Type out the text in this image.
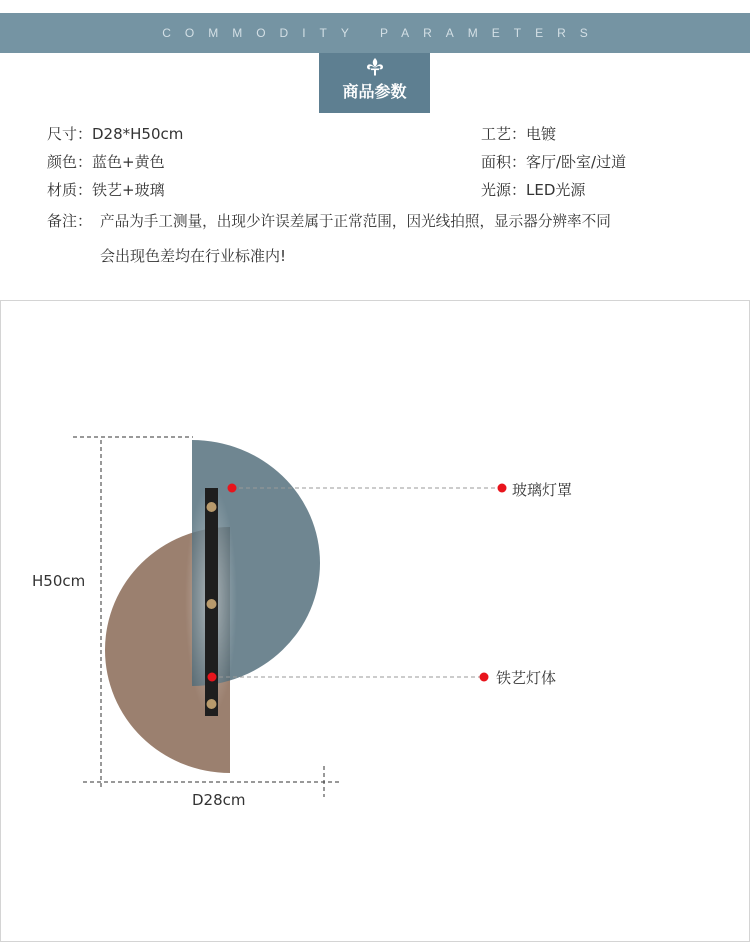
COMMODITY PARAMETERS
商品参数
尺寸：D28*H50cm	工艺：电镀
颜色：蓝色+黄色	面积：客厅/卧室/过道
材质：铁艺+玻璃	光源：LED光源
备注： 产品为手工测量，出现少许误差属于正常范围，因光线拍照，显示器分辨率不同
会出现色差均在行业标准内!
玻璃灯罩
铁艺灯体
H50cm
D28cm
